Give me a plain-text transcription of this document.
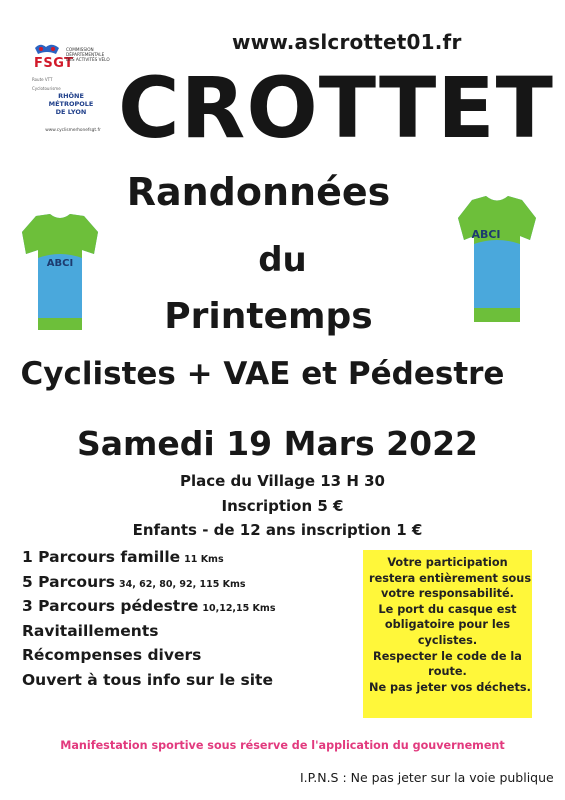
FSGT
COMMISSION DÉPARTEMENTALE DES ACTIVITÉS VÉLO
Route VTT
Cyclotourisme
RHÔNE
MÉTROPOLE
DE LYON
www.cyclismerhonefsgt.fr
www.aslcrottet01.fr
CROTTET
ABCI
ABCI
Randonnées
du
Printemps
Cyclistes + VAE et Pédestre
Samedi 19 Mars 2022
Place du Village 13 H 30
Inscription 5 €
Enfants - de 12 ans inscription 1 €
1 Parcours famille 11 Kms
5 Parcours 34, 62, 80, 92, 115 Kms
3 Parcours pédestre 10,12,15 Kms
Ravitaillements
Récompenses divers
Ouvert à tous info sur le site
Votre participation
restera entièrement sous
votre responsabilité.
Le port du casque est
obligatoire pour les
cyclistes.
Respecter le code de la
route.
Ne pas jeter vos déchets.
Manifestation sportive sous réserve de l'application du gouvernement
I.P.N.S : Ne pas jeter sur la voie publique
